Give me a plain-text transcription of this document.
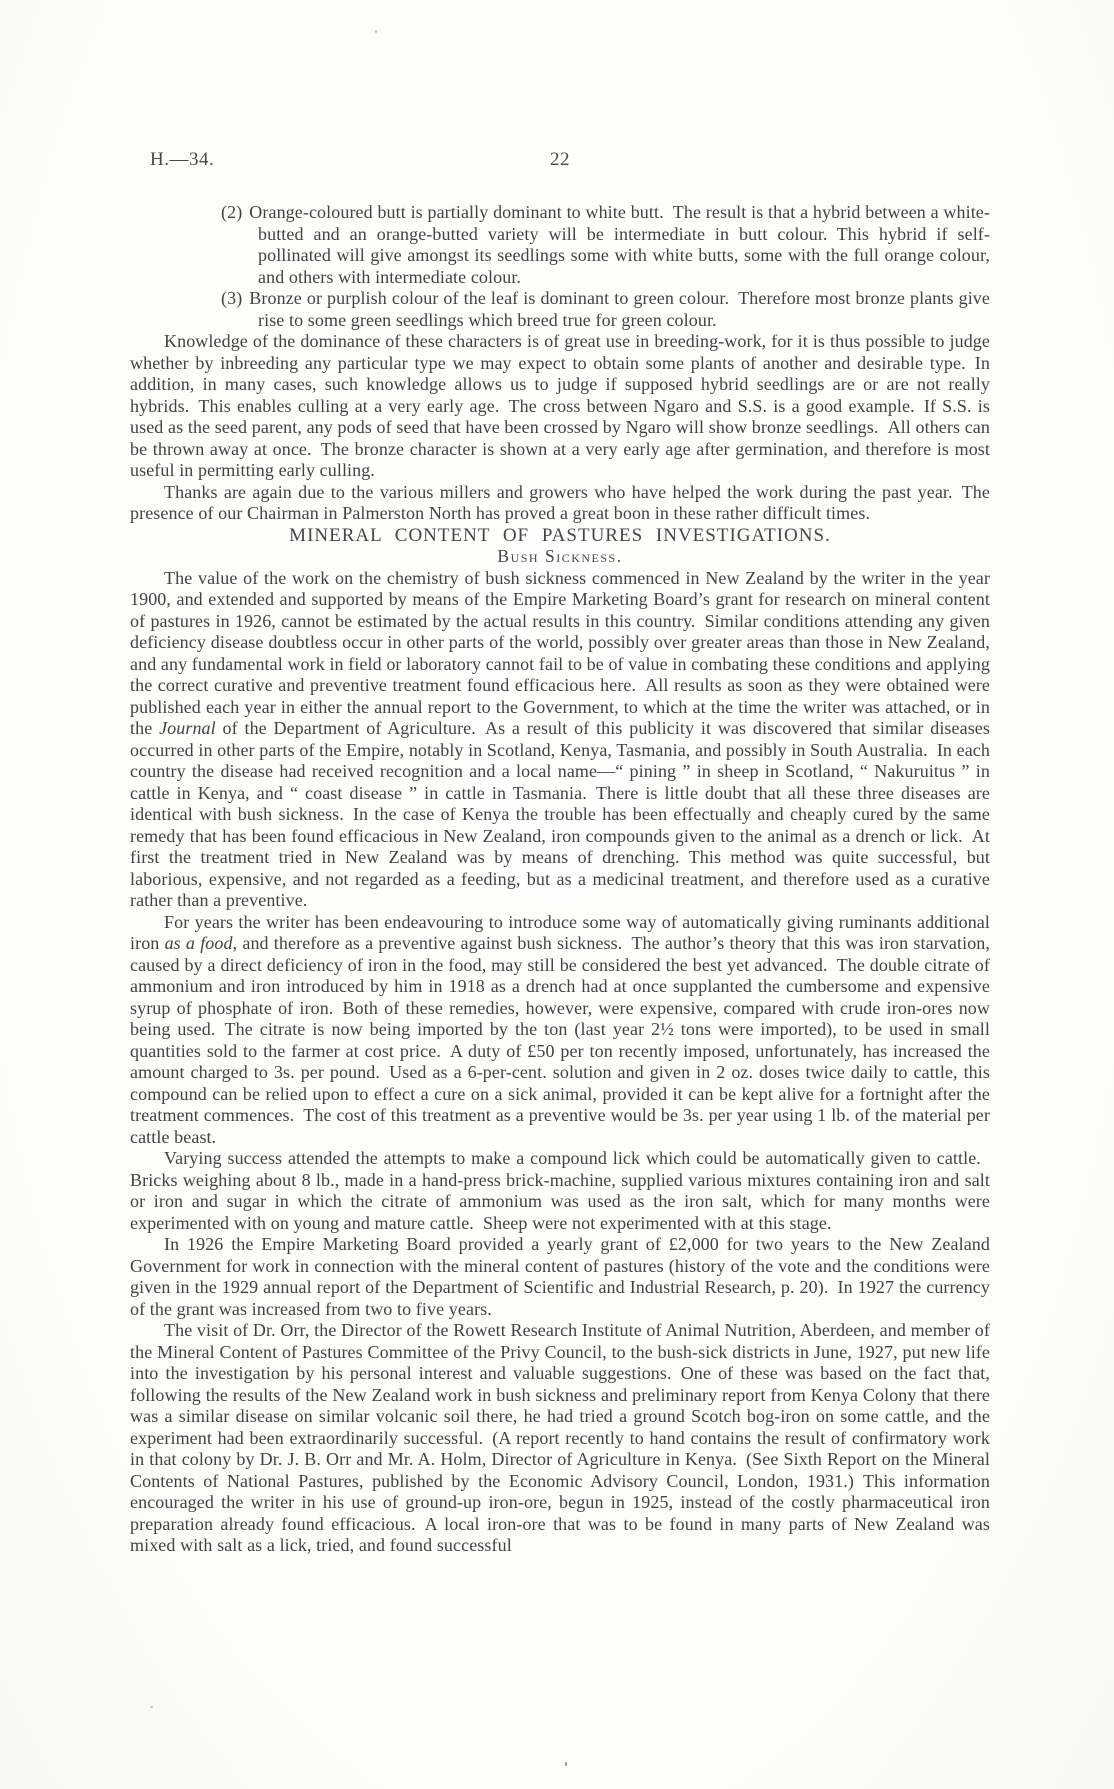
H.—34.	22

(2) Orange-coloured butt is partially dominant to white butt. The result is that a hybrid between a white-butted and an orange-butted variety will be intermediate in butt colour. This hybrid if self-pollinated will give amongst its seedlings some with white butts, some with the full orange colour, and others with intermediate colour.

(3) Bronze or purplish colour of the leaf is dominant to green colour. Therefore most bronze plants give rise to some green seedlings which breed true for green colour.

Knowledge of the dominance of these characters is of great use in breeding-work, for it is thus possible to judge whether by inbreeding any particular type we may expect to obtain some plants of another and desirable type. In addition, in many cases, such knowledge allows us to judge if supposed hybrid seedlings are or are not really hybrids. This enables culling at a very early age. The cross between Ngaro and S.S. is a good example. If S.S. is used as the seed parent, any pods of seed that have been crossed by Ngaro will show bronze seedlings. All others can be thrown away at once. The bronze character is shown at a very early age after germination, and therefore is most useful in permitting early culling.

Thanks are again due to the various millers and growers who have helped the work during the past year. The presence of our Chairman in Palmerston North has proved a great boon in these rather difficult times.

MINERAL CONTENT OF PASTURES INVESTIGATIONS.

Bush Sickness.

The value of the work on the chemistry of bush sickness commenced in New Zealand by the writer in the year 1900, and extended and supported by means of the Empire Marketing Board’s grant for research on mineral content of pastures in 1926, cannot be estimated by the actual results in this country. Similar conditions attending any given deficiency disease doubtless occur in other parts of the world, possibly over greater areas than those in New Zealand, and any fundamental work in field or laboratory cannot fail to be of value in combating these conditions and applying the correct curative and preventive treatment found efficacious here. All results as soon as they were obtained were published each year in either the annual report to the Government, to which at the time the writer was attached, or in the Journal of the Department of Agriculture. As a result of this publicity it was discovered that similar diseases occurred in other parts of the Empire, notably in Scotland, Kenya, Tasmania, and possibly in South Australia. In each country the disease had received recognition and a local name—“ pining ” in sheep in Scotland, “ Nakuruitus ” in cattle in Kenya, and “ coast disease ” in cattle in Tasmania. There is little doubt that all these three diseases are identical with bush sickness. In the case of Kenya the trouble has been effectually and cheaply cured by the same remedy that has been found efficacious in New Zealand, iron compounds given to the animal as a drench or lick. At first the treatment tried in New Zealand was by means of drenching. This method was quite successful, but laborious, expensive, and not regarded as a feeding, but as a medicinal treatment, and therefore used as a curative rather than a preventive.

For years the writer has been endeavouring to introduce some way of automatically giving ruminants additional iron as a food, and therefore as a preventive against bush sickness. The author’s theory that this was iron starvation, caused by a direct deficiency of iron in the food, may still be considered the best yet advanced. The double citrate of ammonium and iron introduced by him in 1918 as a drench had at once supplanted the cumbersome and expensive syrup of phosphate of iron. Both of these remedies, however, were expensive, compared with crude iron-ores now being used. The citrate is now being imported by the ton (last year 2½ tons were imported), to be used in small quantities sold to the farmer at cost price. A duty of £50 per ton recently imposed, unfortunately, has increased the amount charged to 3s. per pound. Used as a 6-per-cent. solution and given in 2 oz. doses twice daily to cattle, this compound can be relied upon to effect a cure on a sick animal, provided it can be kept alive for a fortnight after the treatment commences. The cost of this treatment as a preventive would be 3s. per year using 1 lb. of the material per cattle beast.

Varying success attended the attempts to make a compound lick which could be automatically given to cattle. Bricks weighing about 8 lb., made in a hand-press brick-machine, supplied various mixtures containing iron and salt or iron and sugar in which the citrate of ammonium was used as the iron salt, which for many months were experimented with on young and mature cattle. Sheep were not experimented with at this stage.

In 1926 the Empire Marketing Board provided a yearly grant of £2,000 for two years to the New Zealand Government for work in connection with the mineral content of pastures (history of the vote and the conditions were given in the 1929 annual report of the Department of Scientific and Industrial Research, p. 20). In 1927 the currency of the grant was increased from two to five years.

The visit of Dr. Orr, the Director of the Rowett Research Institute of Animal Nutrition, Aberdeen, and member of the Mineral Content of Pastures Committee of the Privy Council, to the bush-sick districts in June, 1927, put new life into the investigation by his personal interest and valuable suggestions. One of these was based on the fact that, following the results of the New Zealand work in bush sickness and preliminary report from Kenya Colony that there was a similar disease on similar volcanic soil there, he had tried a ground Scotch bog-iron on some cattle, and the experiment had been extraordinarily successful. (A report recently to hand contains the result of confirmatory work in that colony by Dr. J. B. Orr and Mr. A. Holm, Director of Agriculture in Kenya. (See Sixth Report on the Mineral Contents of National Pastures, published by the Economic Advisory Council, London, 1931.) This information encouraged the writer in his use of ground-up iron-ore, begun in 1925, instead of the costly pharmaceutical iron preparation already found efficacious. A local iron-ore that was to be found in many parts of New Zealand was mixed with salt as a lick, tried, and found successful
